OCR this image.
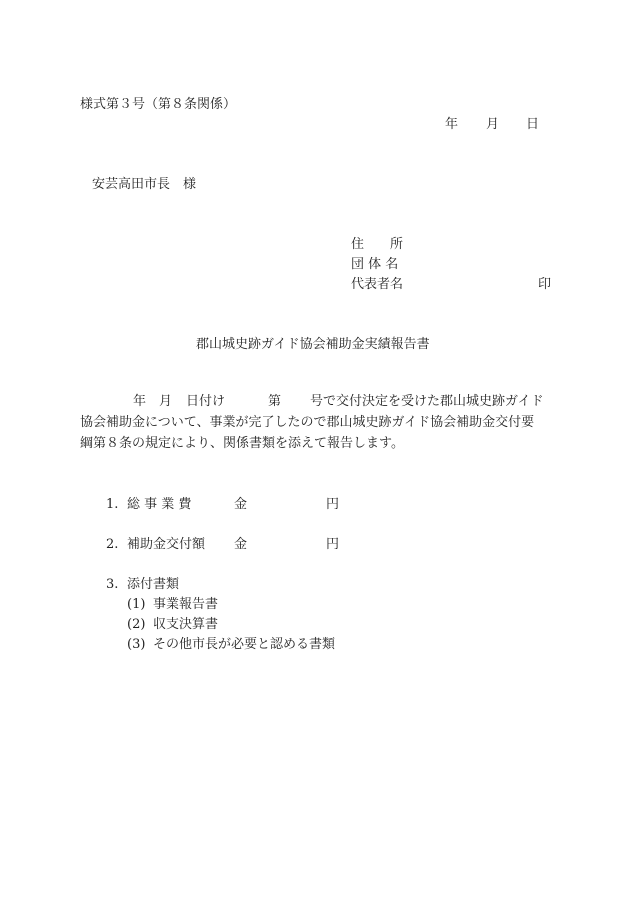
様式第３号（第８条関係）
年 月 日
安芸高田市長　様
住　　所
団 体 名
代表者名	印
郡山城史跡ガイド協会補助金実績報告書
年 月 日付け	第 号で交付決定を受けた郡山城史跡ガイド
協会補助金について、事業が完了したので郡山城史跡ガイド協会補助金交付要
綱第８条の規定により、関係書類を添えて報告します。
1. 総 事 業 費	金	円
2. 補助金交付額 金	円
3. 添付書類
(1) 事業報告書
(2) 収支決算書
(3) その他市長が必要と認める書類
